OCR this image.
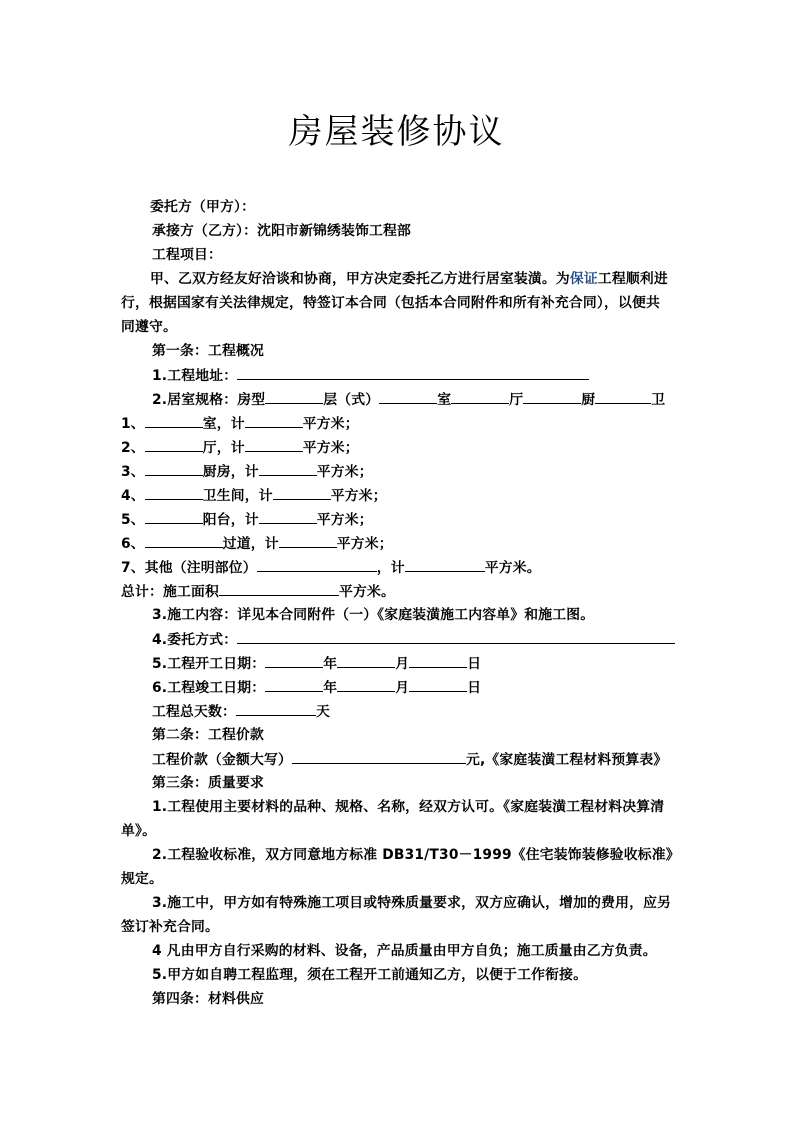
房屋装修协议
委托方（甲方）：
承接方（乙方）：沈阳市新锦绣装饰工程部
工程项目：
甲、乙双方经友好洽谈和协商，甲方决定委托乙方进行居室装潢。为保证工程顺利进
行，根据国家有关法律规定，特签订本合同（包括本合同附件和所有补充合同），以便共
同遵守。
第一条：工程概况
1.工程地址：
2.居室规格：房型	层（式）	室	厅	厨	卫
1、	室，计	平方米；
2、	厅，计	平方米；
3、	厨房，计	平方米；
4、	卫生间，计	平方米；
5、	阳台，计	平方米；
6、	过道，计	平方米；
7、其他（注明部位）	，计	平方米。
总计：施工面积	平方米。
3.施工内容：详见本合同附件（一）《家庭装潢施工内容单》和施工图。
4.委托方式：
5.工程开工日期：	年	月	日
6.工程竣工日期：	年	月	日
工程总天数：	天
第二条：工程价款
工程价款（金额大写）	元,《家庭装潢工程材料预算表》
第三条：质量要求
1.工程使用主要材料的品种、规格、名称，经双方认可。《家庭装潢工程材料决算清
单》。
2.工程验收标准，双方同意地方标准 DB31/T30－1999《住宅装饰装修验收标准》
规定。
3.施工中，甲方如有特殊施工项目或特殊质量要求，双方应确认，增加的费用，应另
签订补充合同。
4 凡由甲方自行采购的材料、设备，产品质量由甲方自负；施工质量由乙方负责。
5.甲方如自聘工程监理，须在工程开工前通知乙方，以便于工作衔接。
第四条：材料供应
